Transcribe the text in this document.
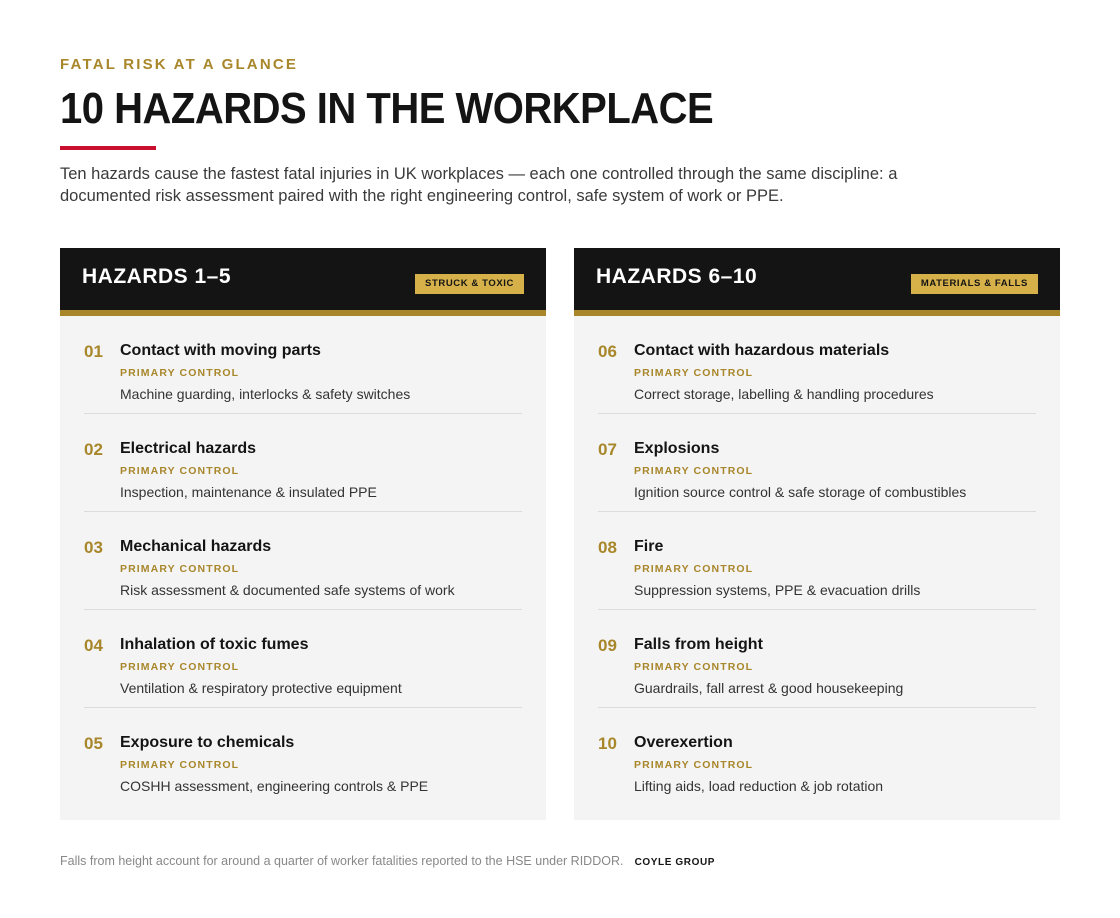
FATAL RISK AT A GLANCE
10 HAZARDS IN THE WORKPLACE

Ten hazards cause the fastest fatal injuries in UK workplaces — each one controlled through the same discipline: a documented risk assessment paired with the right engineering control, safe system of work or PPE.

HAZARDS 1–5	STRUCK & TOXIC
01 Contact with moving parts
PRIMARY CONTROL
Machine guarding, interlocks & safety switches
02 Electrical hazards
PRIMARY CONTROL
Inspection, maintenance & insulated PPE
03 Mechanical hazards
PRIMARY CONTROL
Risk assessment & documented safe systems of work
04 Inhalation of toxic fumes
PRIMARY CONTROL
Ventilation & respiratory protective equipment
05 Exposure to chemicals
PRIMARY CONTROL
COSHH assessment, engineering controls & PPE
HAZARDS 6–10	MATERIALS & FALLS
06 Contact with hazardous materials
PRIMARY CONTROL
Correct storage, labelling & handling procedures
07 Explosions
PRIMARY CONTROL
Ignition source control & safe storage of combustibles
08 Fire
PRIMARY CONTROL
Suppression systems, PPE & evacuation drills
09 Falls from height
PRIMARY CONTROL
Guardrails, fall arrest & good housekeeping
10 Overexertion
PRIMARY CONTROL
Lifting aids, load reduction & job rotation
Falls from height account for around a quarter of worker fatalities reported to the HSE under RIDDOR. COYLE GROUP
